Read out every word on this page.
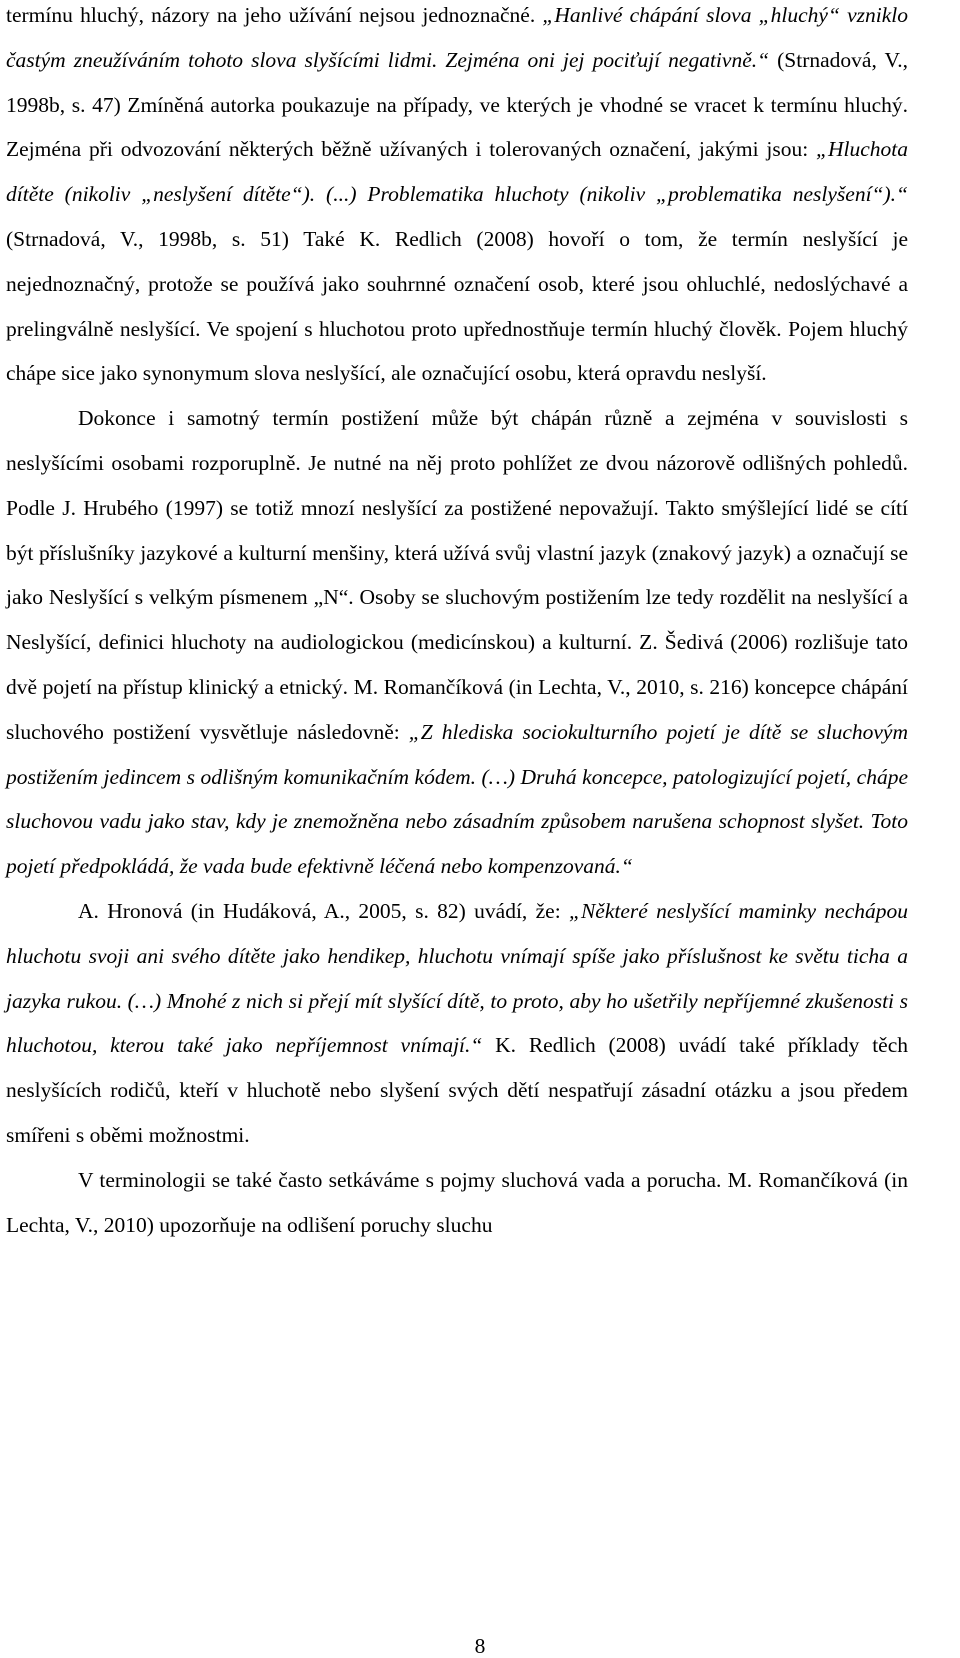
termínu hluchý, názory na jeho užívání nejsou jednoznačné. „Hanlivé chápání slova „hluchý“ vzniklo častým zneužíváním tohoto slova slyšícími lidmi. Zejména oni jej pociťují negativně.“ (Strnadová, V., 1998b, s. 47) Zmíněná autorka poukazuje na případy, ve kterých je vhodné se vracet k termínu hluchý. Zejména při odvozování některých běžně užívaných i tolerovaných označení, jakými jsou: „Hluchota dítěte (nikoliv „neslyšení dítěte“). (...) Problematika hluchoty (nikoliv „problematika neslyšení“).“ (Strnadová, V., 1998b, s. 51) Také K. Redlich (2008) hovoří o tom, že termín neslyšící je nejednoznačný, protože se používá jako souhrnné označení osob, které jsou ohluchlé, nedoslýchavé a prelingválně neslyšící. Ve spojení s hluchotou proto upřednostňuje termín hluchý člověk. Pojem hluchý chápe sice jako synonymum slova neslyšící, ale označující osobu, která opravdu neslyší.

Dokonce i samotný termín postižení může být chápán různě a zejména v souvislosti s neslyšícími osobami rozporuplně. Je nutné na něj proto pohlížet ze dvou názorově odlišných pohledů. Podle J. Hrubého (1997) se totiž mnozí neslyšící za postižené nepovažují. Takto smýšlející lidé se cítí být příslušníky jazykové a kulturní menšiny, která užívá svůj vlastní jazyk (znakový jazyk) a označují se jako Neslyšící s velkým písmenem „N“. Osoby se sluchovým postižením lze tedy rozdělit na neslyšící a Neslyšící, definici hluchoty na audiologickou (medicínskou) a kulturní. Z. Šedivá (2006) rozlišuje tato dvě pojetí na přístup klinický a etnický. M. Romančíková (in Lechta, V., 2010, s. 216) koncepce chápání sluchového postižení vysvětluje následovně: „Z hlediska sociokulturního pojetí je dítě se sluchovým postižením jedincem s odlišným komunikačním kódem. (…) Druhá koncepce, patologizující pojetí, chápe sluchovou vadu jako stav, kdy je znemožněna nebo zásadním způsobem narušena schopnost slyšet. Toto pojetí předpokládá, že vada bude efektivně léčená nebo kompenzovaná.“

A. Hronová (in Hudáková, A., 2005, s. 82) uvádí, že: „Některé neslyšící maminky nechápou hluchotu svoji ani svého dítěte jako hendikep, hluchotu vnímají spíše jako příslušnost ke světu ticha a jazyka rukou. (…) Mnohé z nich si přejí mít slyšící dítě, to proto, aby ho ušetřily nepříjemné zkušenosti s hluchotou, kterou také jako nepříjemnost vnímají.“ K. Redlich (2008) uvádí také příklady těch neslyšících rodičů, kteří v hluchotě nebo slyšení svých dětí nespatřují zásadní otázku a jsou předem smířeni s oběmi možnostmi.

V terminologii se také často setkáváme s pojmy sluchová vada a porucha. M. Romančíková (in Lechta, V., 2010) upozorňuje na odlišení poruchy sluchu

8
